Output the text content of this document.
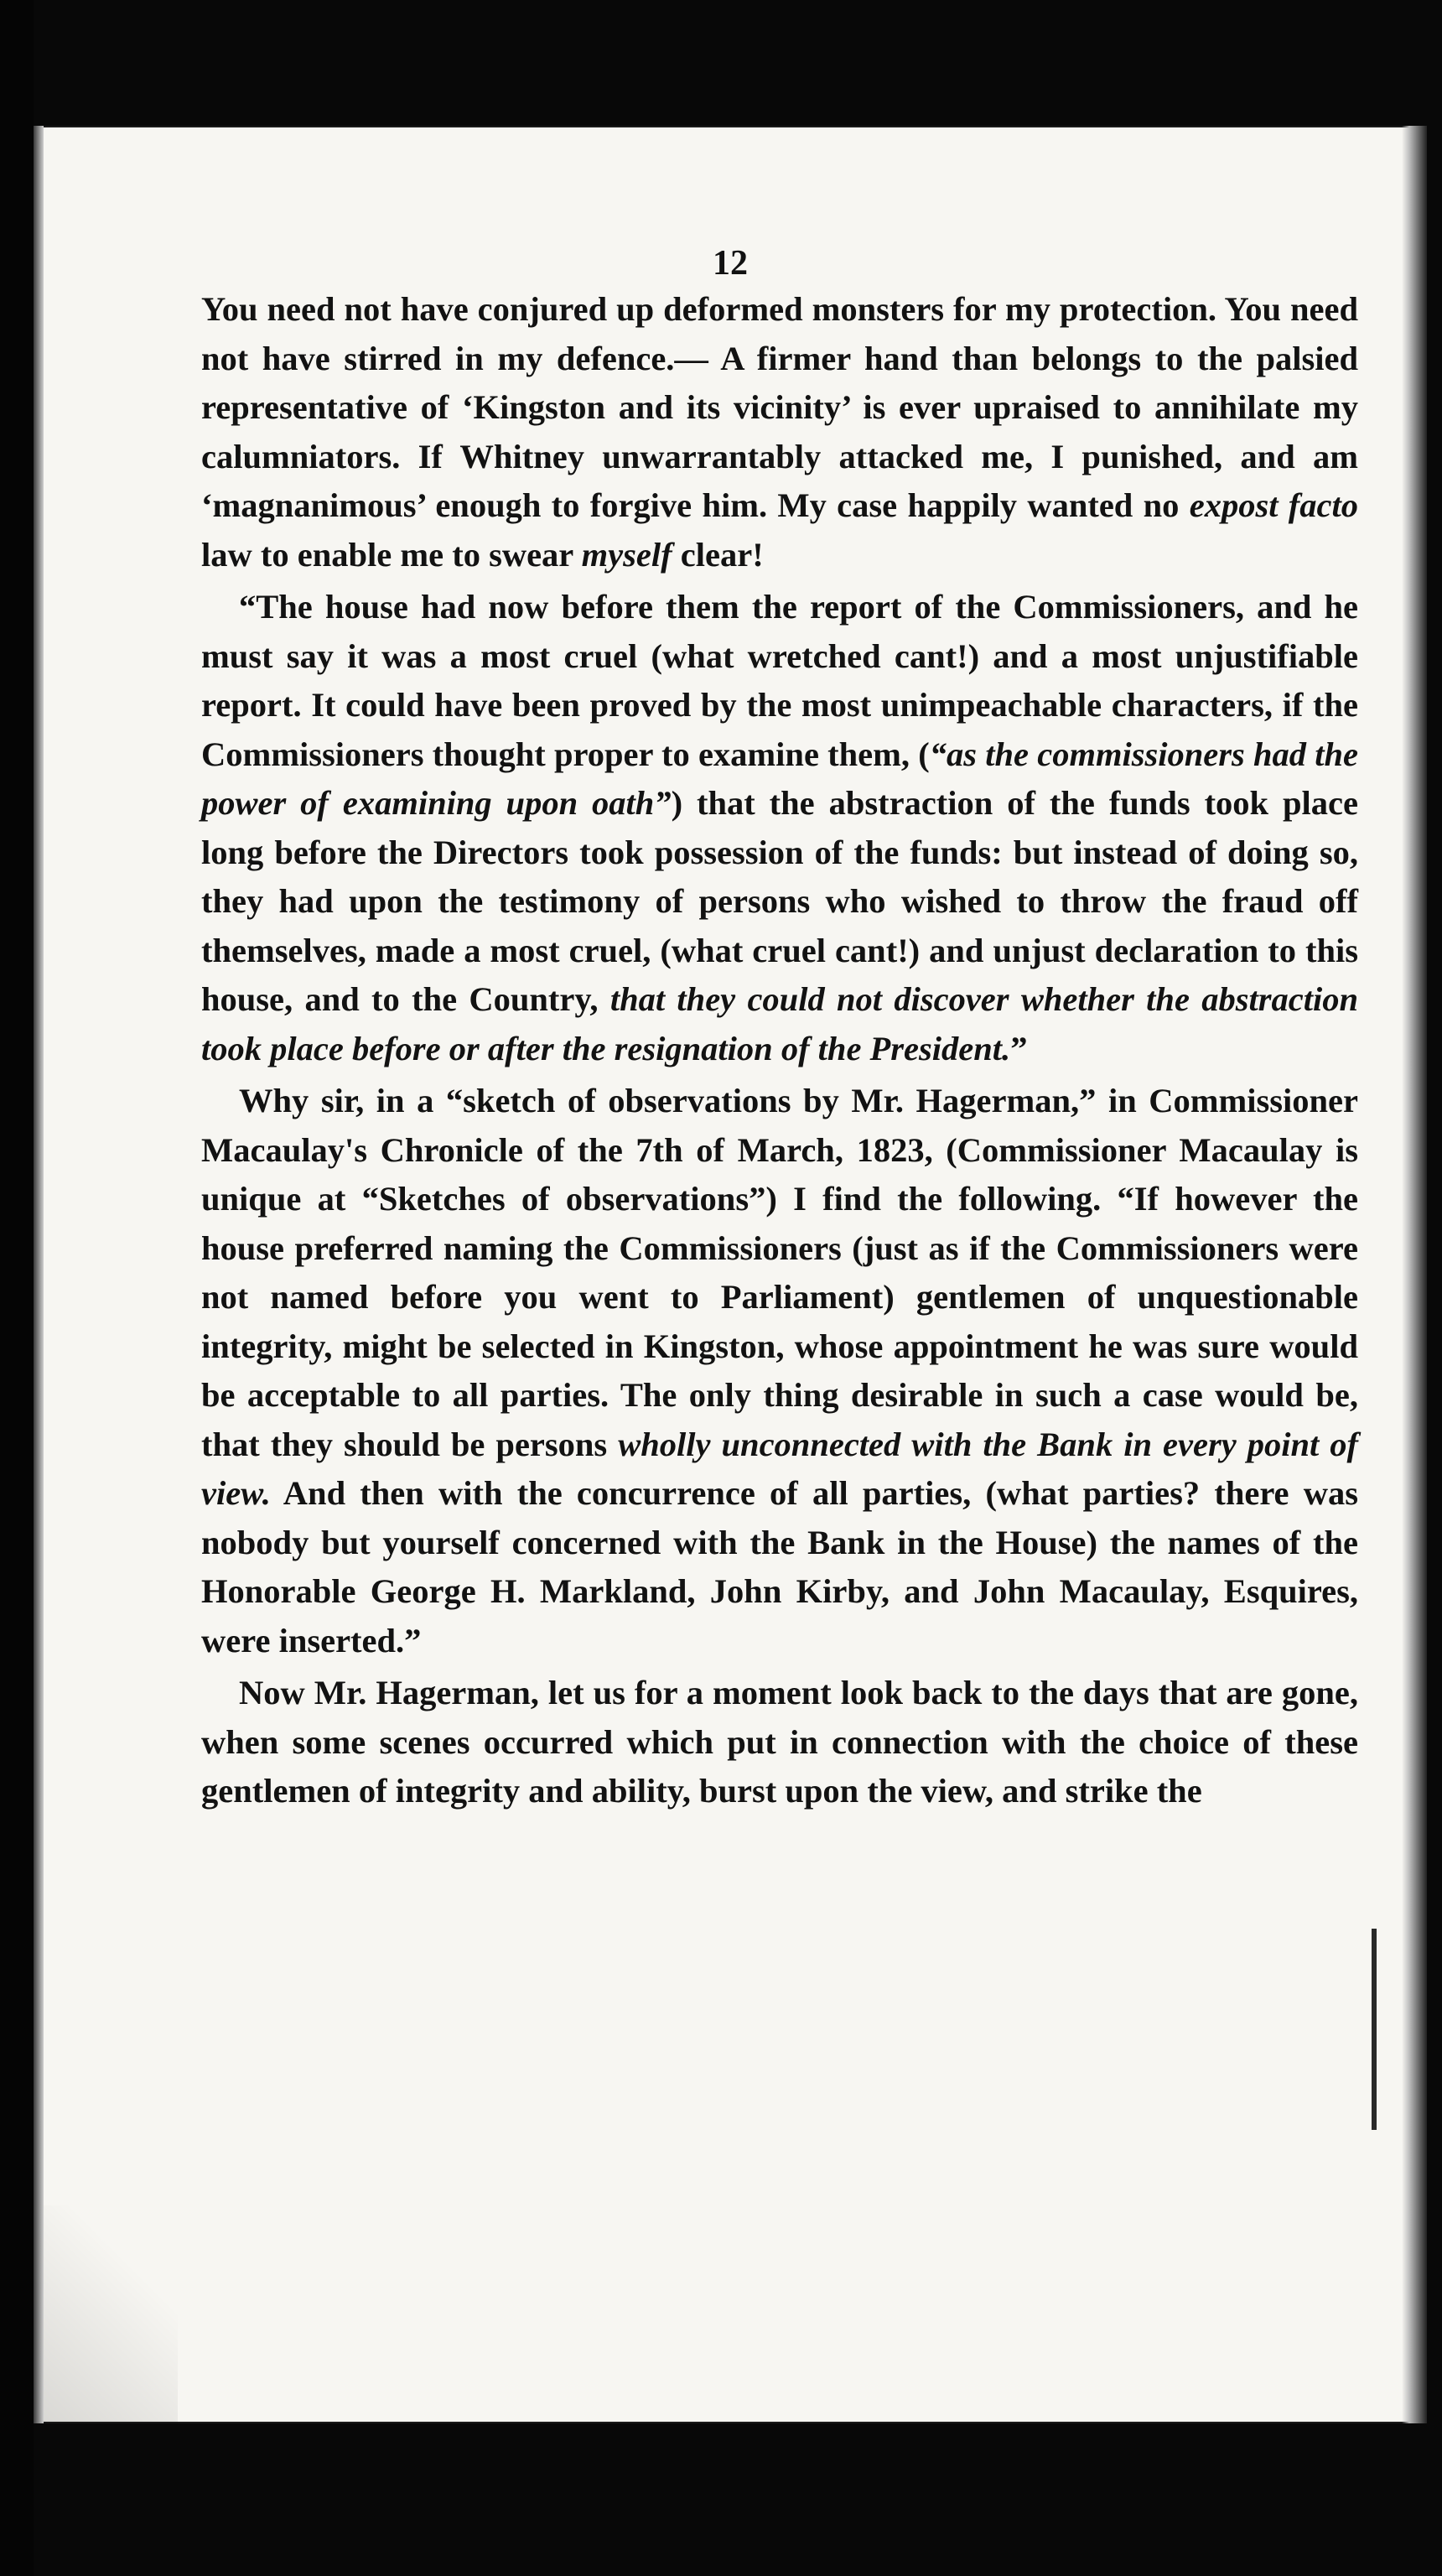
12

You need not have conjured up deformed monsters for my protection. You need not have stirred in my defence.— A firmer hand than belongs to the palsied representative of ‘Kingston and its vicinity’ is ever upraised to annihilate my calumniators. If Whitney unwarrantably attacked me, I punished, and am ‘magnanimous’ enough to forgive him. My case happily wanted no expost facto law to enable me to swear myself clear!

“The house had now before them the report of the Commissioners, and he must say it was a most cruel (what wretched cant!) and a most unjustifiable report. It could have been proved by the most unimpeachable characters, if the Commissioners thought proper to examine them, (“as the commissioners had the power of examining upon oath”) that the abstraction of the funds took place long before the Directors took possession of the funds: but instead of doing so, they had upon the testimony of persons who wished to throw the fraud off themselves, made a most cruel, (what cruel cant!) and unjust declaration to this house, and to the Country, that they could not discover whether the abstraction took place before or after the resignation of the President.”

Why sir, in a “sketch of observations by Mr. Hagerman,” in Commissioner Macaulay's Chronicle of the 7th of March, 1823, (Commissioner Macaulay is unique at “Sketches of observations”) I find the following. “If however the house preferred naming the Commissioners (just as if the Commissioners were not named before you went to Parliament) gentlemen of unquestionable integrity, might be selected in Kingston, whose appointment he was sure would be acceptable to all parties. The only thing desirable in such a case would be, that they should be persons wholly unconnected with the Bank in every point of view. And then with the concurrence of all parties, (what parties? there was nobody but yourself concerned with the Bank in the House) the names of the Honorable George H. Markland, John Kirby, and John Macaulay, Esquires, were inserted.”

Now Mr. Hagerman, let us for a moment look back to the days that are gone, when some scenes occurred which put in connection with the choice of these gentlemen of integrity and ability, burst upon the view, and strike the
